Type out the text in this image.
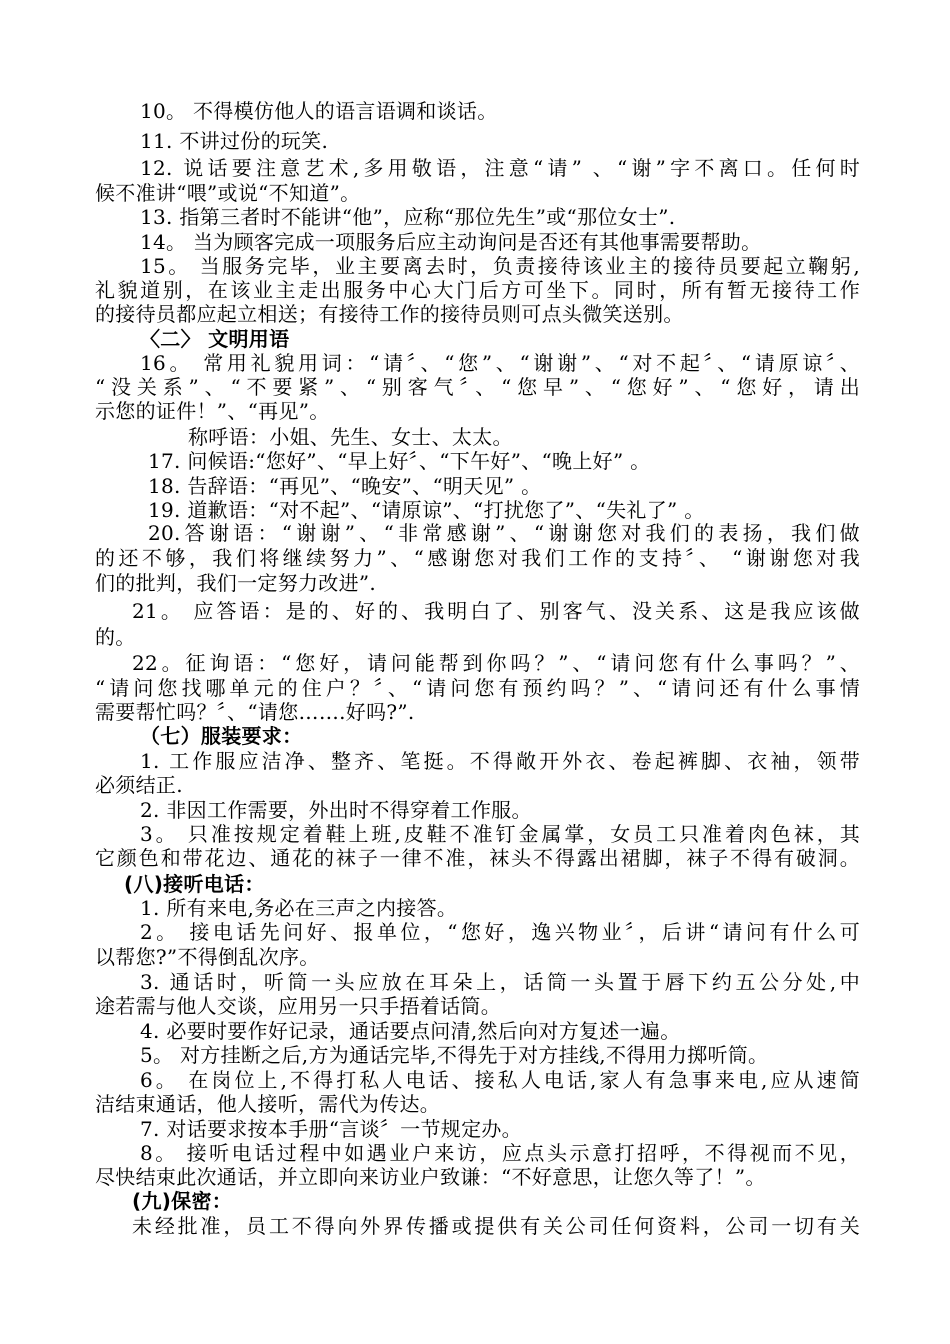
10。 不得模仿他人的语言语调和谈话。
11. 不讲过份的玩笑.
12. 说话要注意艺术,多用敬语，注意“请” 、“谢”字不离口。任何时
候不准讲“喂”或说“不知道”。
13. 指第三者时不能讲“他”，应称“那位先生”或“那位女士”.
14。 当为顾客完成一项服务后应主动询问是否还有其他事需要帮助。
15。 当服务完毕，业主要离去时，负责接待该业主的接待员要起立鞠躬,
礼貌道别，在该业主走出服务中心大门后方可坐下。同时，所有暂无接待工作
的接待员都应起立相送；有接待工作的接待员则可点头微笑送别。
〈二〉 文明用语
16。 常用礼貌用词：“请〞、“您”、“谢谢”、“对不起〞、“请原谅〞、
“没关系”、“不要紧”、“别客气〞、“您早”、“您好”、“您好，请出
示您的证件！”、“再见”。
称呼语：小姐、先生、女士、太太。
17. 问候语:“您好”、“早上好〞、“下午好”、“晚上好” 。
18. 告辞语：“再见”、“晚安”、“明天见” 。
19. 道歉语：“对不起”、“请原谅”、“打扰您了”、“失礼了” 。
20.答谢语：“谢谢”、“非常感谢”、“谢谢您对我们的表扬，我们做
的还不够，我们将继续努力”、“感谢您对我们工作的支持〞、 “谢谢您对我
们的批判，我们一定努力改进”.
21。 应答语：是的、好的、我明白了、别客气、没关系、这是我应该做
的。
22。征询语：“您好，请问能帮到你吗？”、“请问您有什么事吗？”、
“请问您找哪单元的住户？〞、“请问您有预约吗？”、“请问还有什么事情
需要帮忙吗？〞、“请您…….好吗?”.
（七）服装要求：
1. 工作服应洁净、整齐、笔挺。不得敞开外衣、卷起裤脚、衣袖，领带
必须结正.
2. 非因工作需要，外出时不得穿着工作服。
3。 只准按规定着鞋上班,皮鞋不准钉金属掌，女员工只准着肉色袜，其
它颜色和带花边、通花的袜子一律不准，袜头不得露出裙脚，袜子不得有破洞。
(八)接听电话：
1. 所有来电,务必在三声之内接答。
2。 接电话先问好、报单位，“您好，逸兴物业〞，后讲“请问有什么可
以帮您?”不得倒乱次序。
3. 通话时，听筒一头应放在耳朵上，话筒一头置于唇下约五公分处,中
途若需与他人交谈，应用另一只手捂着话筒。
4. 必要时要作好记录，通话要点问清,然后向对方复述一遍。
5。 对方挂断之后,方为通话完毕,不得先于对方挂线,不得用力掷听筒。
6。 在岗位上,不得打私人电话、接私人电话,家人有急事来电,应从速简
洁结束通话，他人接听，需代为传达。
7. 对话要求按本手册“言谈〞一节规定办。
8。 接听电话过程中如遇业户来访，应点头示意打招呼，不得视而不见，
尽快结束此次通话，并立即向来访业户致谦：“不好意思，让您久等了！”。
(九)保密：
未经批准，员工不得向外界传播或提供有关公司任何资料，公司一切有关
